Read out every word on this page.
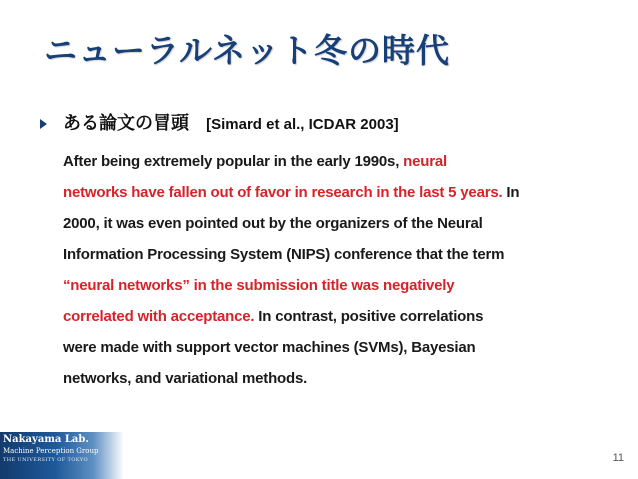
ニューラルネット冬の時代
ある論文の冒頭 [Simard et al., ICDAR 2003]
After being extremely popular in the early 1990s, neural
networks have fallen out of favor in research in the last 5 years. In
2000, it was even pointed out by the organizers of the Neural
Information Processing System (NIPS) conference that the term
“neural networks” in the submission title was negatively
correlated with acceptance. In contrast, positive correlations
were made with support vector machines (SVMs), Bayesian
networks, and variational methods.
Nakayama Lab.
Machine Perception Group
THE UNIVERSITY OF TOKYO	11
